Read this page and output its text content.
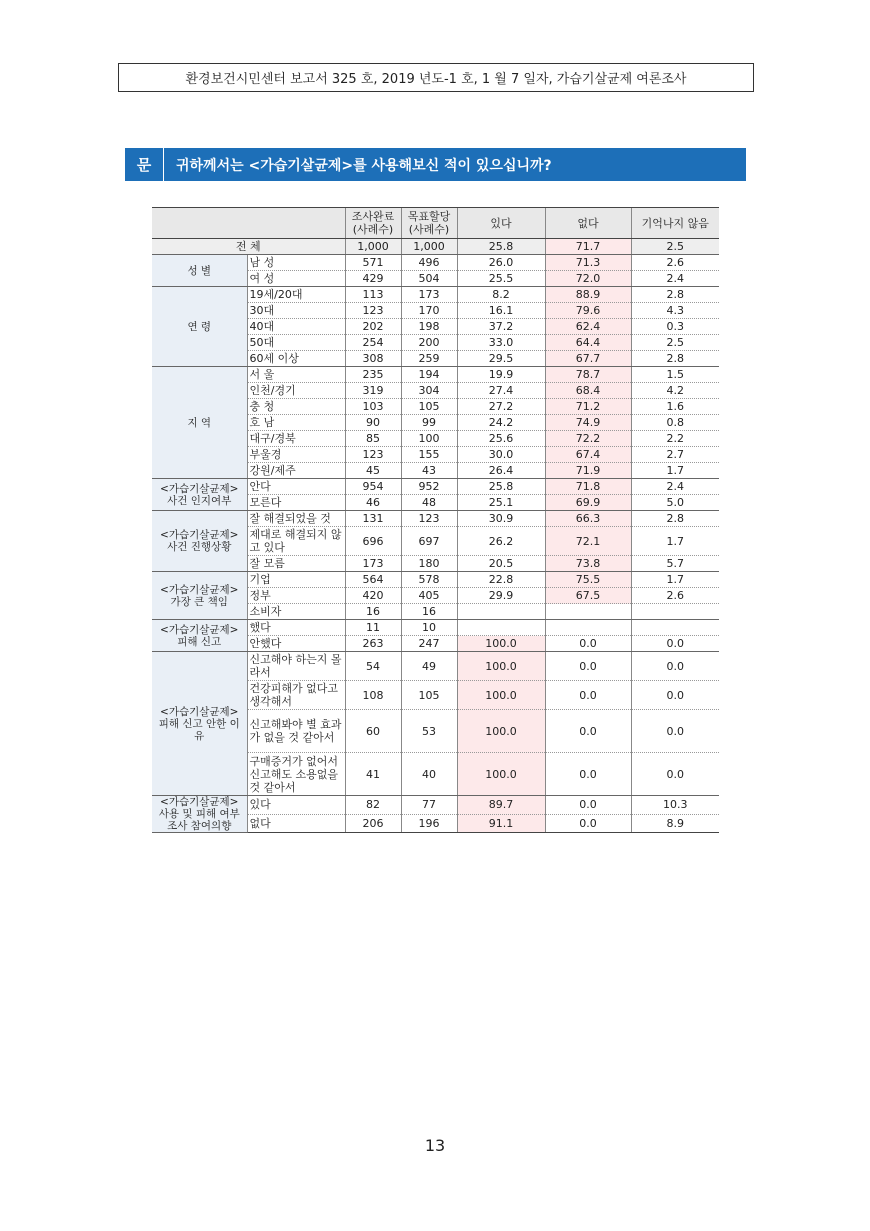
환경보건시민센터 보고서 325 호, 2019 년도-1 호, 1 월 7 일자, 가습기살균제 여론조사
문	귀하께서는 <가습기살균제>를 사용해보신 적이 있으십니까?
		조사완료 (사례수)	목표할당 (사례수)	있다	없다	기억나지 않음
전 체		1,000	1,000	25.8	71.7	2.5
성 별	남 성	571	496	26.0	71.3	2.6
	여 성	429	504	25.5	72.0	2.4
연 령	19세/20대	113	173	8.2	88.9	2.8
	30대	123	170	16.1	79.6	4.3
	40대	202	198	37.2	62.4	0.3
	50대	254	200	33.0	64.4	2.5
	60세 이상	308	259	29.5	67.7	2.8
지 역	서 울	235	194	19.9	78.7	1.5
	인천/경기	319	304	27.4	68.4	4.2
	충 청	103	105	27.2	71.2	1.6
	호 남	90	99	24.2	74.9	0.8
	대구/경북	85	100	25.6	72.2	2.2
	부울경	123	155	30.0	67.4	2.7
	강원/제주	45	43	26.4	71.9	1.7
<가습기살균제> 사건 인지여부	안다	954	952	25.8	71.8	2.4
	모른다	46	48	25.1	69.9	5.0
<가습기살균제> 사건 진행상황	잘 해결되었을 것	131	123	30.9	66.3	2.8
	제대로 해결되지 않고 있다	696	697	26.2	72.1	1.7
	잘 모름	173	180	20.5	73.8	5.7
<가습기살균제> 가장 큰 책임	기업	564	578	22.8	75.5	1.7
	정부	420	405	29.9	67.5	2.6
	소비자	16	16			
<가습기살균제> 피해 신고	했다	11	10			
	안했다	263	247	100.0	0.0	0.0
<가습기살균제> 피해 신고 안한 이유	신고해야 하는지 몰라서	54	49	100.0	0.0	0.0
	건강피해가 없다고 생각해서	108	105	100.0	0.0	0.0
	신고해봐야 별 효과가 없을 것 같아서	60	53	100.0	0.0	0.0
	구매증거가 없어서 신고해도 소용없을 것 같아서	41	40	100.0	0.0	0.0
<가습기살균제> 사용 및 피해 여부 조사 참여의향	있다	82	77	89.7	0.0	10.3
	없다	206	196	91.1	0.0	8.9
13
